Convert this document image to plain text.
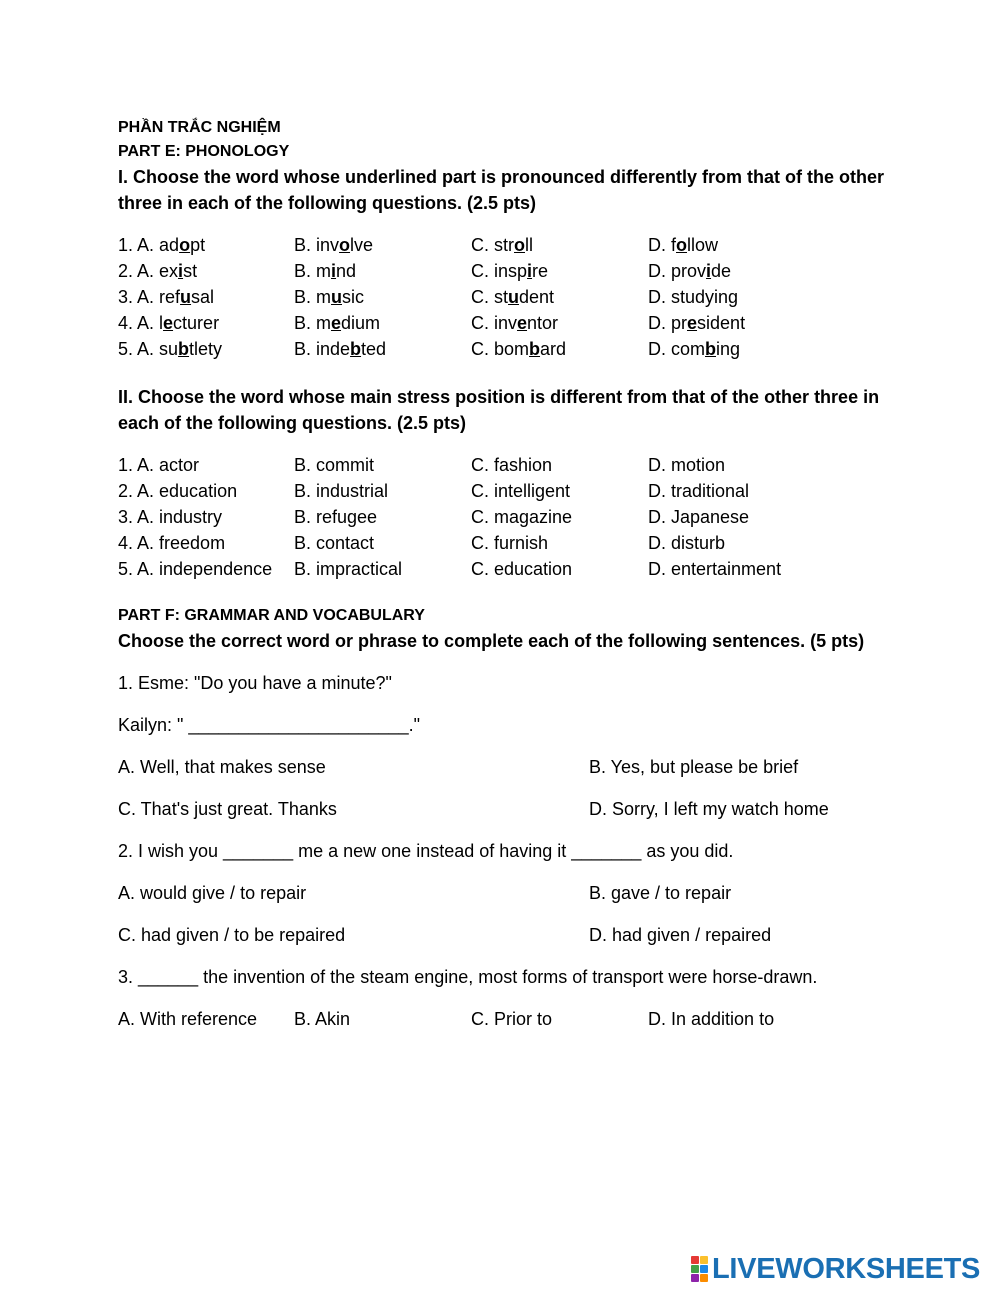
PHẦN TRẮC NGHIỆM
PART E: PHONOLOGY
I. Choose the word whose underlined part is pronounced differently from that of the other three in each of the following questions. (2.5 pts)
1. A. adopt	B. involve	C. stroll	D. follow
2. A. exist	B. mind	C. inspire	D. provide
3. A. refusal	B. music	C. student	D. studying
4. A. lecturer	B. medium	C. inventor	D. president
5. A. subtlety	B. indebted	C. bombard	D. combing
II. Choose the word whose main stress position is different from that of the other three in each of the following questions. (2.5 pts)
1. A. actor	B. commit	C. fashion	D. motion
2. A. education	B. industrial	C. intelligent	D. traditional
3. A. industry	B. refugee	C. magazine	D. Japanese
4. A. freedom	B. contact	C. furnish	D. disturb
5. A. independence	B. impractical	C. education	D. entertainment
PART F: GRAMMAR AND VOCABULARY
Choose the correct word or phrase to complete each of the following sentences. (5 pts)
1. Esme: "Do you have a minute?"
Kailyn: " ______________________."
A. Well, that makes sense	B. Yes, but please be brief
C. That's just great. Thanks	D. Sorry, I left my watch home
2. I wish you _______ me a new one instead of having it _______ as you did.
A. would give / to repair	B. gave / to repair
C. had given / to be repaired	D. had given / repaired
3. ______ the invention of the steam engine, most forms of transport were horse-drawn.
A. With reference	B. Akin	C. Prior to	D. In addition to
LIVEWORKSHEETS
